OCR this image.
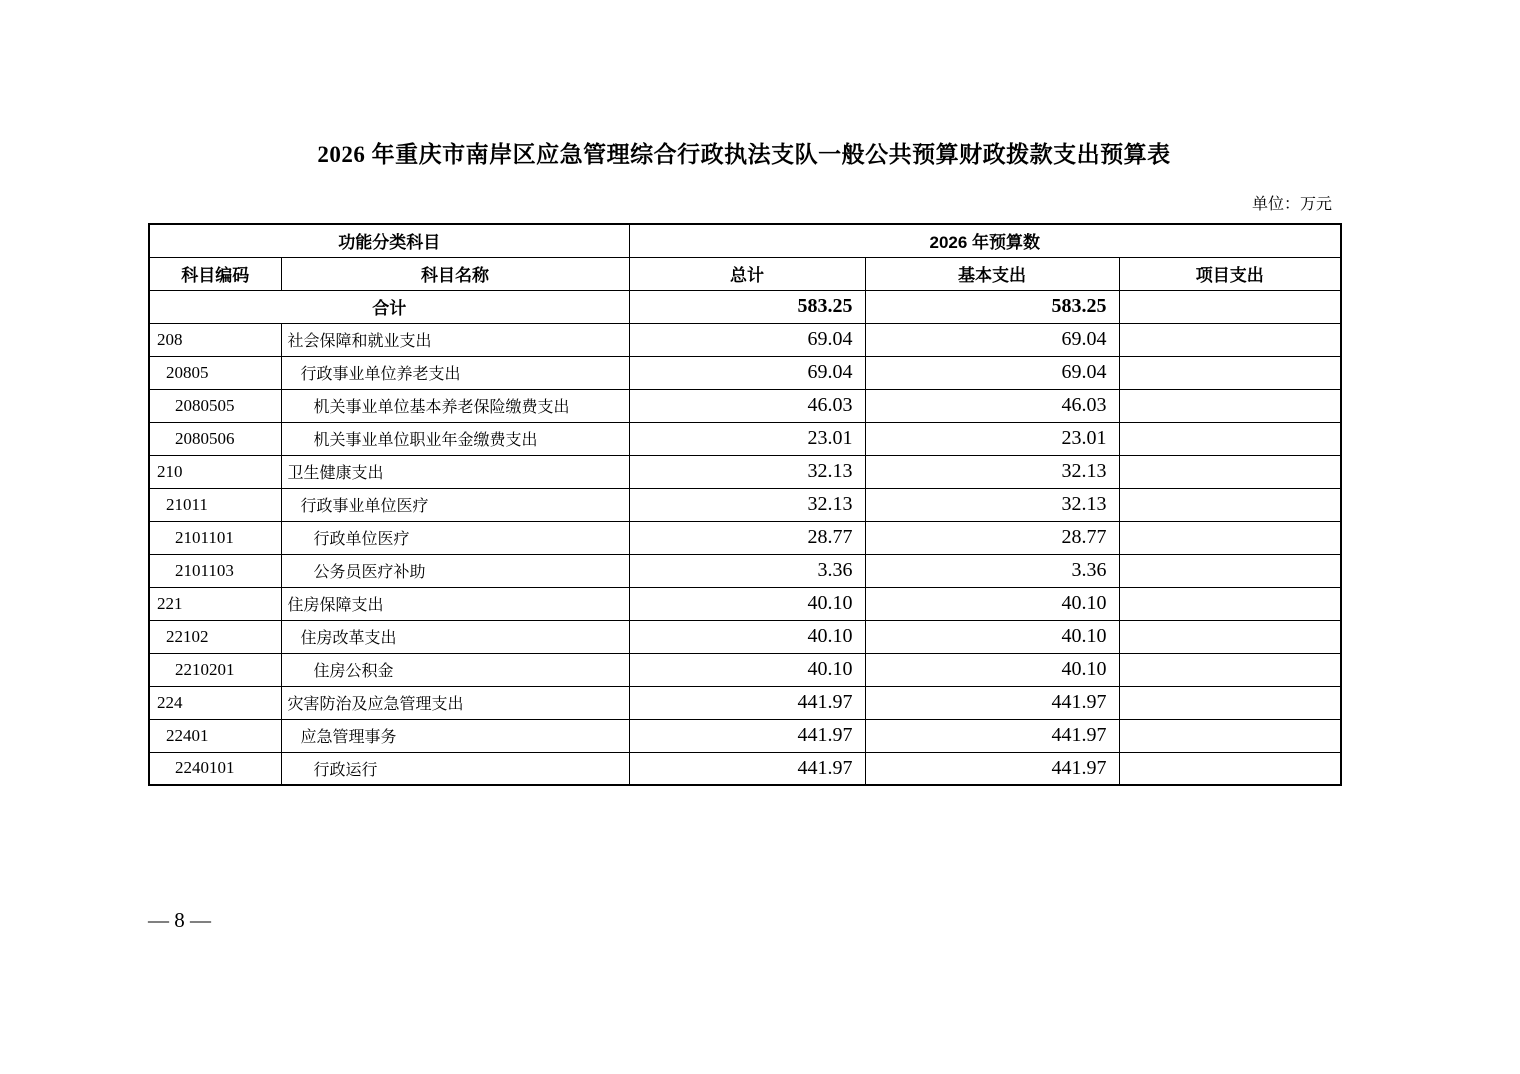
2026 年重庆市南岸区应急管理综合行政执法支队一般公共预算财政拨款支出预算表
单位：万元
功能分类科目		2026 年预算数		
科目编码	科目名称	总计	基本支出	项目支出
合计		583.25	583.25	
208	社会保障和就业支出	69.04	69.04	
20805	行政事业单位养老支出	69.04	69.04	
2080505	机关事业单位基本养老保险缴费支出	46.03	46.03	
2080506	机关事业单位职业年金缴费支出	23.01	23.01	
210	卫生健康支出	32.13	32.13	
21011	行政事业单位医疗	32.13	32.13	
2101101	行政单位医疗	28.77	28.77	
2101103	公务员医疗补助	3.36	3.36	
221	住房保障支出	40.10	40.10	
22102	住房改革支出	40.10	40.10	
2210201	住房公积金	40.10	40.10	
224	灾害防治及应急管理支出	441.97	441.97	
22401	应急管理事务	441.97	441.97	
2240101	行政运行	441.97	441.97	
— 8 —
